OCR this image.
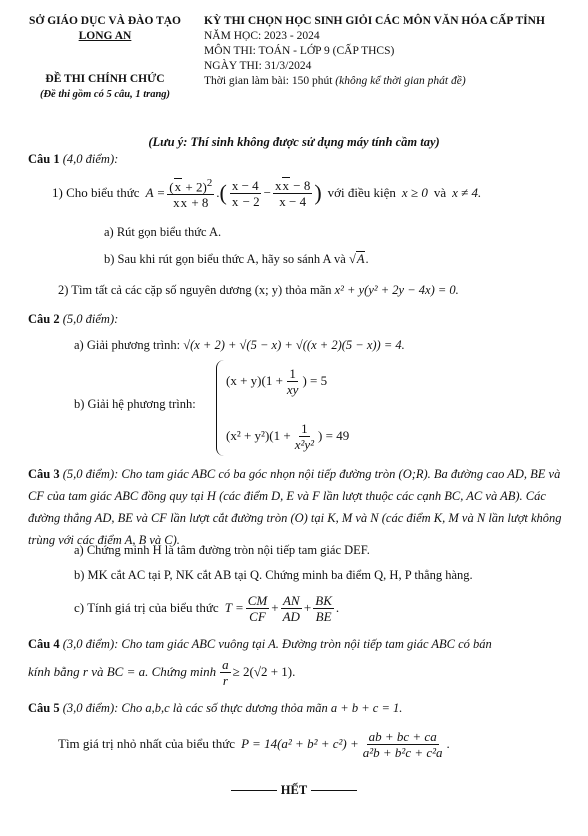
SỞ GIÁO DỤC VÀ ĐÀO TẠO
LONG AN
ĐỀ THI CHÍNH CHỨC
(Đề thi gồm có 5 câu, 1 trang)
KỲ THI CHỌN HỌC SINH GIỎI CÁC MÔN VĂN HÓA CẤP TỈNH
NĂM HỌC: 2023 - 2024
MÔN THI: TOÁN - LỚP 9 (CẤP THCS)
NGÀY THI: 31/3/2024
Thời gian làm bài: 150 phút (không kể thời gian phát đề)
(Lưu ý: Thí sinh không được sử dụng máy tính cầm tay)
Câu 1 (4,0 điểm):
1) Cho biểu thức $A = \frac{(x + 2)^2}{xx + 8}$ . ( $\frac{x - 4}{x - 2} - \frac{xx - 8}{x - 4}$ ) với điều kiện x ≥ 0 và x ≠ 4.
a) Rút gọn biểu thức A.
b) Sau khi rút gọn biểu thức A, hãy so sánh A và √A.
2) Tìm tất cả các cặp số nguyên dương (x; y) thỏa mãn x² + y(y² + 2y − 4x) = 0.
Câu 2 (5,0 điểm):
a) Giải phương trình: √(x + 2) + √(5 − x) + √((x + 2)(5 − x)) = 4.
b) Giải hệ phương trình:
$(x + y)(1 + \frac{1}{xy}$ ) = 5
$(x^2 + y^2)(1 + \frac{1}{\text{x²y²}}$ ) = 49
Câu 3 (5,0 điểm): Cho tam giác ABC có ba góc nhọn nội tiếp đường tròn (O;R). Ba đường cao AD, BE và CF của tam giác ABC đồng quy tại H (các điểm D, E và F lần lượt thuộc các cạnh BC, AC và AB). Các đường thẳng AD, BE và CF lần lượt cắt đường tròn (O) tại K, M và N (các điểm K, M và N lần lượt không trùng với các điểm A, B và C).
a) Chứng minh H là tâm đường tròn nội tiếp tam giác DEF.
b) MK cắt AC tại P, NK cắt AB tại Q. Chứng minh ba điểm Q, H, P thẳng hàng.
c) Tính giá trị của biểu thức $T = \frac{CM}{CF} + \frac{AN}{AD} + \frac{BK}{BE}$ .
Câu 4 (3,0 điểm): Cho tam giác ABC vuông tại A. Đường tròn nội tiếp tam giác ABC có bán
kính bằng r và BC = a. Chứng minh $\frac{a}{r} \ge 2(√2 + 1)$.
Câu 5 (3,0 điểm): Cho a,b,c là các số thực dương thỏa mãn a + b + c = 1.
Tìm giá trị nhỏ nhất của biểu thức $P = 14(a^2 + b^2 + c^2) + \frac{ab + bc + ca}{\text{a²b + b²c + c²a}}$ .
HẾT
